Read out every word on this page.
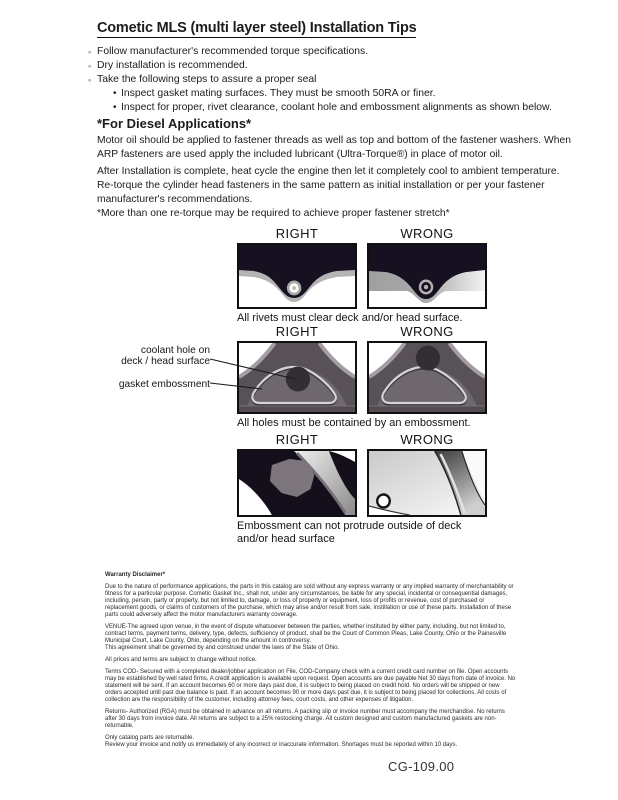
Cometic MLS (multi layer steel) Installation Tips
◦ Follow manufacturer's recommended torque specifications.
◦ Dry installation is recommended.
◦ Take the following steps to assure a proper seal
• Inspect gasket mating surfaces. They must be smooth 50RA or finer.
• Inspect for proper, rivet clearance, coolant hole and embossment alignments as shown below.
*For Diesel Applications*
Motor oil should be applied to fastener threads as well as top and bottom of the fastener washers. When ARP fasteners are used apply the included lubricant (Ultra-Torque®) in place of motor oil.
After Installation is complete, heat cycle the engine then let it completely cool to ambient temperature. Re-torque the cylinder head fasteners in the same pattern as initial installation or per your fastener manufacturer's recommendations.
*More than one re-torque may be required to achieve proper fastener stretch*
RIGHT	WRONG
All rivets must clear deck and/or head surface.
RIGHT	WRONG
All holes must be contained by an embossment.
coolant hole on
deck / head surface
gasket embossment
RIGHT	WRONG
Embossment can not protrude outside of deck and/or head surface
Warranty Disclaimer*

Due to the nature of performance applications, the parts in this catalog are sold without any express warranty or any implied warranty of merchantability or fitness for a particular purpose. Cometic Gasket Inc., shall not, under any circumstances, be liable for any special, incidental or consequential damages, including, person, party or property, but not limited to, damage, or loss of property or equipment, loss of profits or revenue, cost of purchased or replacement goods, or claims of customers of the purchase, which may arise and/or result from sale, instillation or use of these parts. Installation of these parts could adversely affect the motor manufacturers warranty coverage.

VENUE-The agreed upon venue, in the event of dispute whatsoever between the parties, whether instituted by either party, including, but not limited to, contract terms, payment terms, delivery, type, defects, sufficiency of product, shall be the Court of Common Pleas, Lake County, Ohio or the Painesville Municipal Court, Lake County, Ohio, depending on the amount in controversy.

This agreement shall be governed by and construed under the laws of the State of Ohio.

All prices and terms are subject to change without notice.

Terms COD- Secured with a completed dealer/jobber application on File, COD-Company check with a current credit card number on file. Open accounts may be established by well rated firms. A credit application is available upon request. Open accounts are due payable Net 30 days from date of invoice. No statement will be sent. If an account becomes 60 or more days past due, it is subject to being placed on credit hold. No orders will be shipped or new orders accepted until past due balance is paid. If an account becomes 90 or more days past due, it is subject to being placed for collections. All costs of collection are the responsibility of the customer, including attorney fees, court costs, and other expenses of litigation.

Returns- Authorized (RGA) must be obtained in advance on all returns. A packing slip or invoice number must accompany the merchandise. No returns after 30 days from invoice date. All returns are subject to a 25% restocking charge. All custom designed and custom manufactured gaskets are non-returnable.

Only catalog parts are returnable.

Review your invoice and notify us immediately of any incorrect or inaccurate information. Shortages must be reported within 10 days.

CG-109.00
